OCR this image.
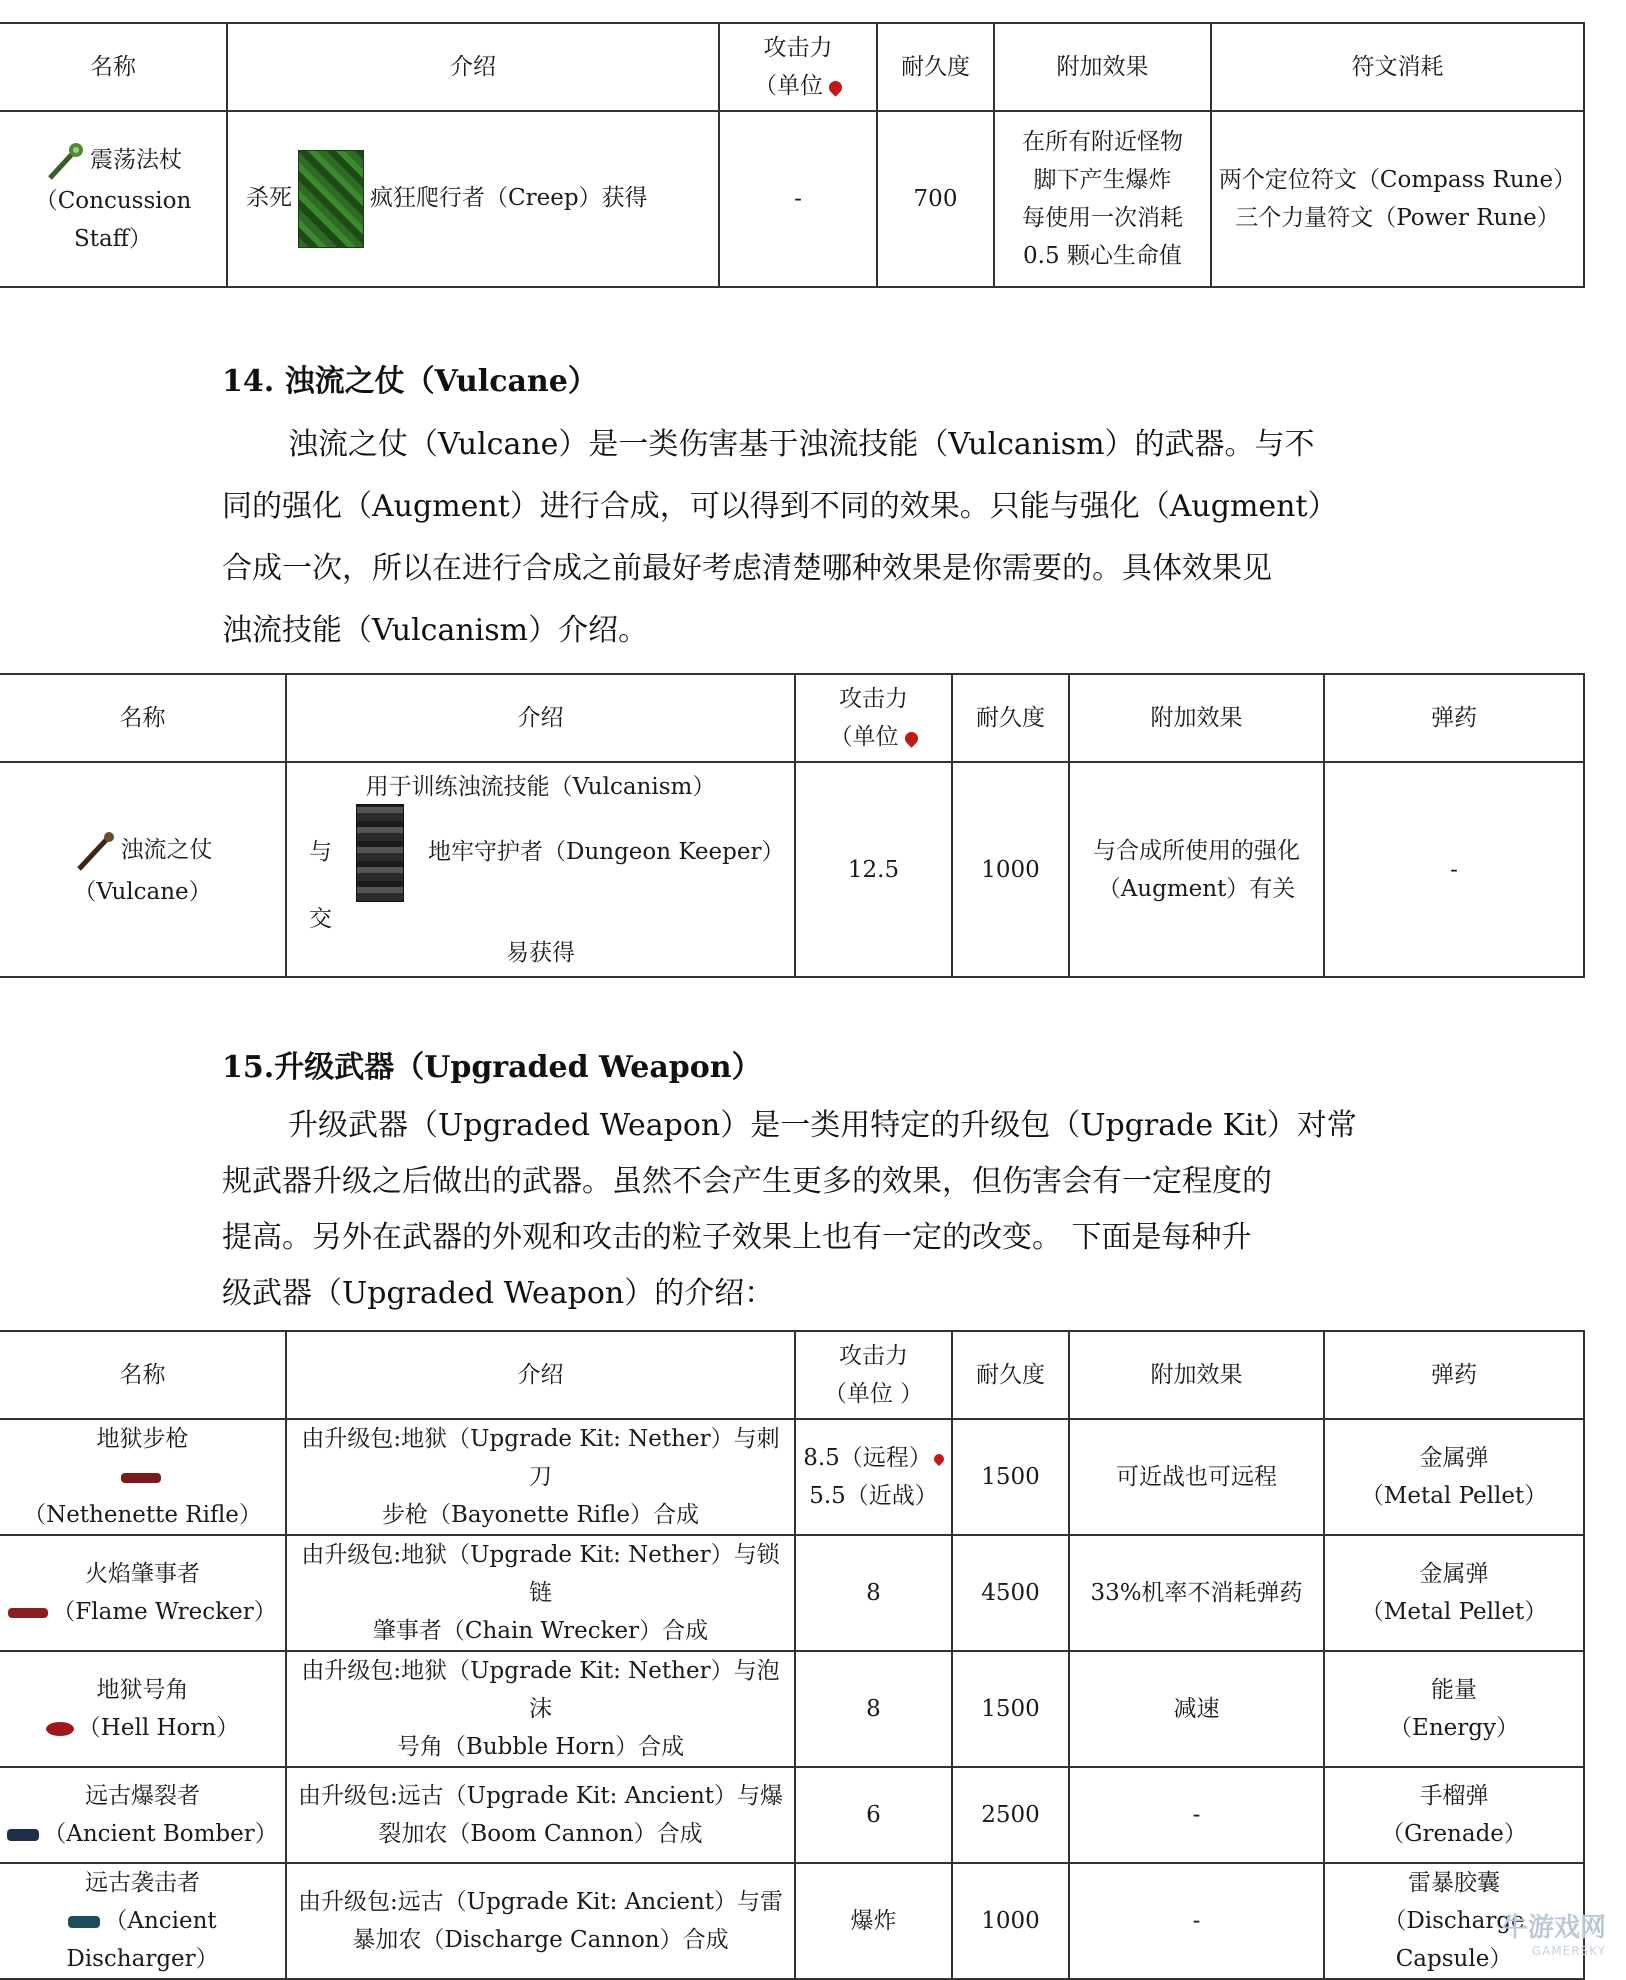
名称	介绍	攻击力
（单位	耐久度	附加效果	符文消耗

震荡法杖
（Concussion Staff）	杀死 疯狂爬行者（Creep）获得	-	700	在所有附近怪物
脚下产生爆炸
每使用一次消耗
0.5 颗心生命值	两个定位符文（Compass Rune）
三个力量符文（Power Rune）
14. 浊流之仗（Vulcane）
浊流之仗（Vulcane）是一类伤害基于浊流技能（Vulcanism）的武器。与不
同的强化（Augment）进行合成，可以得到不同的效果。只能与强化（Augment）
合成一次，所以在进行合成之前最好考虑清楚哪种效果是你需要的。具体效果见
浊流技能（Vulcanism）介绍。
名称	介绍	攻击力
（单位	耐久度	附加效果	弹药

浊流之仗
（Vulcane）	用于训练浊流技能（Vulcanism）
与 地牢守护者（Dungeon Keeper）交
易获得	12.5	1000	与合成所使用的强化
（Augment）有关	-
15.升级武器（Upgraded Weapon）
升级武器（Upgraded Weapon）是一类用特定的升级包（Upgrade Kit）对常
规武器升级之后做出的武器。虽然不会产生更多的效果，但伤害会有一定程度的
提高。另外在武器的外观和攻击的粒子效果上也有一定的改变。 下面是每种升
级武器（Upgraded Weapon）的介绍：
名称	介绍	攻击力
（单位 ）	耐久度	附加效果	弹药

地狱步枪
（Nethenette Rifle）	由升级包:地狱（Upgrade Kit: Nether）与刺刀
步枪（Bayonette Rifle）合成	8.5（远程）
5.5（近战）	1500	可近战也可远程	金属弹
（Metal Pellet）

火焰肇事者
（Flame Wrecker）	由升级包:地狱（Upgrade Kit: Nether）与锁链
肇事者（Chain Wrecker）合成	8	4500	33%机率不消耗弹药	金属弹
（Metal Pellet）

地狱号角
（Hell Horn）	由升级包:地狱（Upgrade Kit: Nether）与泡沫
号角（Bubble Horn）合成	8	1500	减速	能量
（Energy）

远古爆裂者
（Ancient Bomber）	由升级包:远古（Upgrade Kit: Ancient）与爆
裂加农（Boom Cannon）合成	6	2500	-	手榴弹
（Grenade）

远古袭击者
（Ancient Discharger）	由升级包:远古（Upgrade Kit: Ancient）与雷
暴加农（Discharge Cannon）合成	爆炸	1000	-	雷暴胶囊
（Discharge Capsule）
牛游戏网
GAMERSKY
